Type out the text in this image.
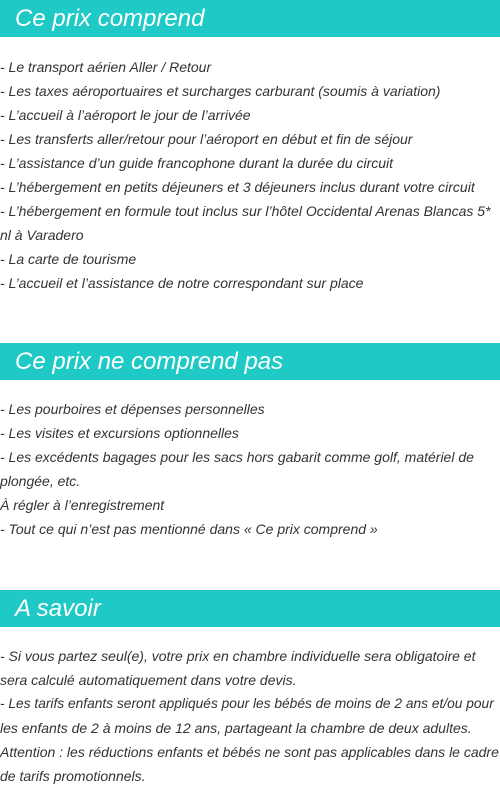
Ce prix comprend
- Le transport aérien Aller / Retour
- Les taxes aéroportuaires et surcharges carburant (soumis à variation)
- L’accueil à l’aéroport le jour de l’arrivée
- Les transferts aller/retour pour l’aéroport en début et fin de séjour
- L’assistance d’un guide francophone durant la durée du circuit
- L’hébergement en petits déjeuners et 3 déjeuners inclus durant votre circuit
- L’hébergement en formule tout inclus sur l’hôtel Occidental Arenas Blancas 5*
nl à Varadero
- La carte de tourisme
- L’accueil et l’assistance de notre correspondant sur place
Ce prix ne comprend pas
- Les pourboires et dépenses personnelles
- Les visites et excursions optionnelles
- Les excédents bagages pour les sacs hors gabarit comme golf, matériel de
plongée, etc.
À régler à l’enregistrement
- Tout ce qui n’est pas mentionné dans « Ce prix comprend »
A savoir
- Si vous partez seul(e), votre prix en chambre individuelle sera obligatoire et
sera calculé automatiquement dans votre devis.
- Les tarifs enfants seront appliqués pour les bébés de moins de 2 ans et/ou pour
les enfants de 2 à moins de 12 ans, partageant la chambre de deux adultes.
Attention : les réductions enfants et bébés ne sont pas applicables dans le cadre
de tarifs promotionnels.
